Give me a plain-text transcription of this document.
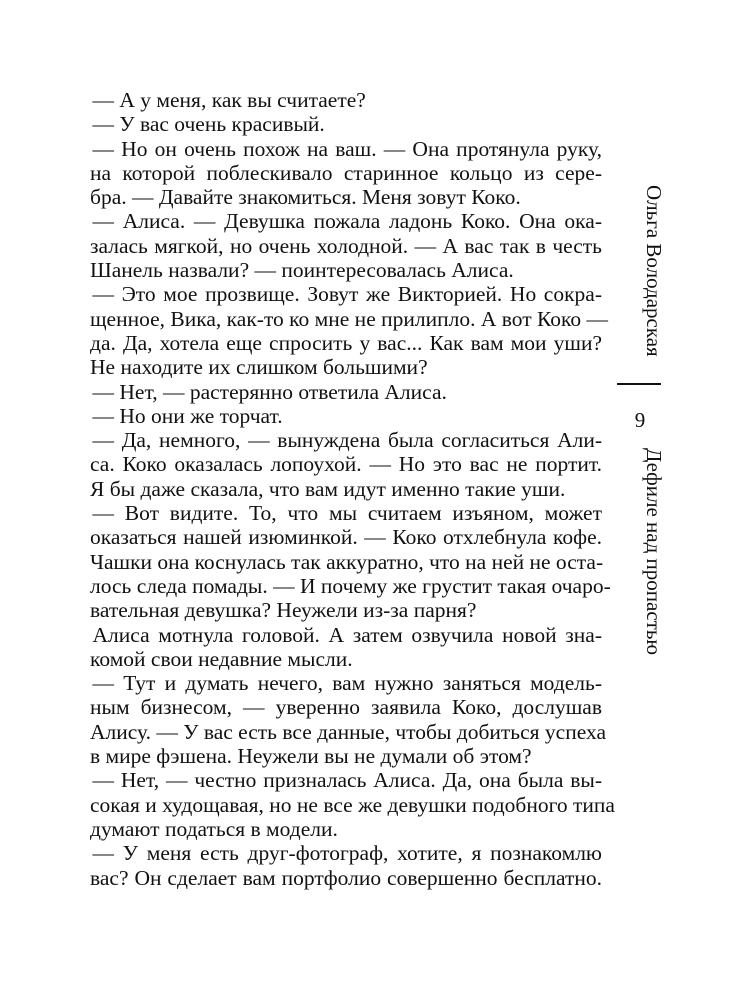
— А у меня, как вы считаете?
— У вас очень красивый.
— Но он очень похож на ваш. — Она протянула руку,
на которой поблескивало старинное кольцо из сере-
бра. — Давайте знакомиться. Меня зовут Коко.
— Алиса. — Девушка пожала ладонь Коко. Она ока-
залась мягкой, но очень холодной. — А вас так в честь
Шанель назвали? — поинтересовалась Алиса.
— Это мое прозвище. Зовут же Викторией. Но сокра-
щенное, Вика, как-то ко мне не прилипло. А вот Коко —
да. Да, хотела еще спросить у вас... Как вам мои уши?
Не находите их слишком большими?
— Нет, — растерянно ответила Алиса.
— Но они же торчат.
— Да, немного, — вынуждена была согласиться Али-
са. Коко оказалась лопоухой. — Но это вас не портит.
Я бы даже сказала, что вам идут именно такие уши.
— Вот видите. То, что мы считаем изъяном, может
оказаться нашей изюминкой. — Коко отхлебнула кофе.
Чашки она коснулась так аккуратно, что на ней не оста-
лось следа помады. — И почему же грустит такая очаро-
вательная девушка? Неужели из-за парня?
Алиса мотнула головой. А затем озвучила новой зна-
комой свои недавние мысли.
— Тут и думать нечего, вам нужно заняться модель-
ным бизнесом, — уверенно заявила Коко, дослушав
Алису. — У вас есть все данные, чтобы добиться успеха
в мире фэшена. Неужели вы не думали об этом?
— Нет, — честно призналась Алиса. Да, она была вы-
сокая и худощавая, но не все же девушки подобного типа
думают податься в модели.
— У меня есть друг-фотограф, хотите, я познакомлю
вас? Он сделает вам портфолио совершенно бесплатно.
Ольга Володарская
9
Дефиле над пропастью
